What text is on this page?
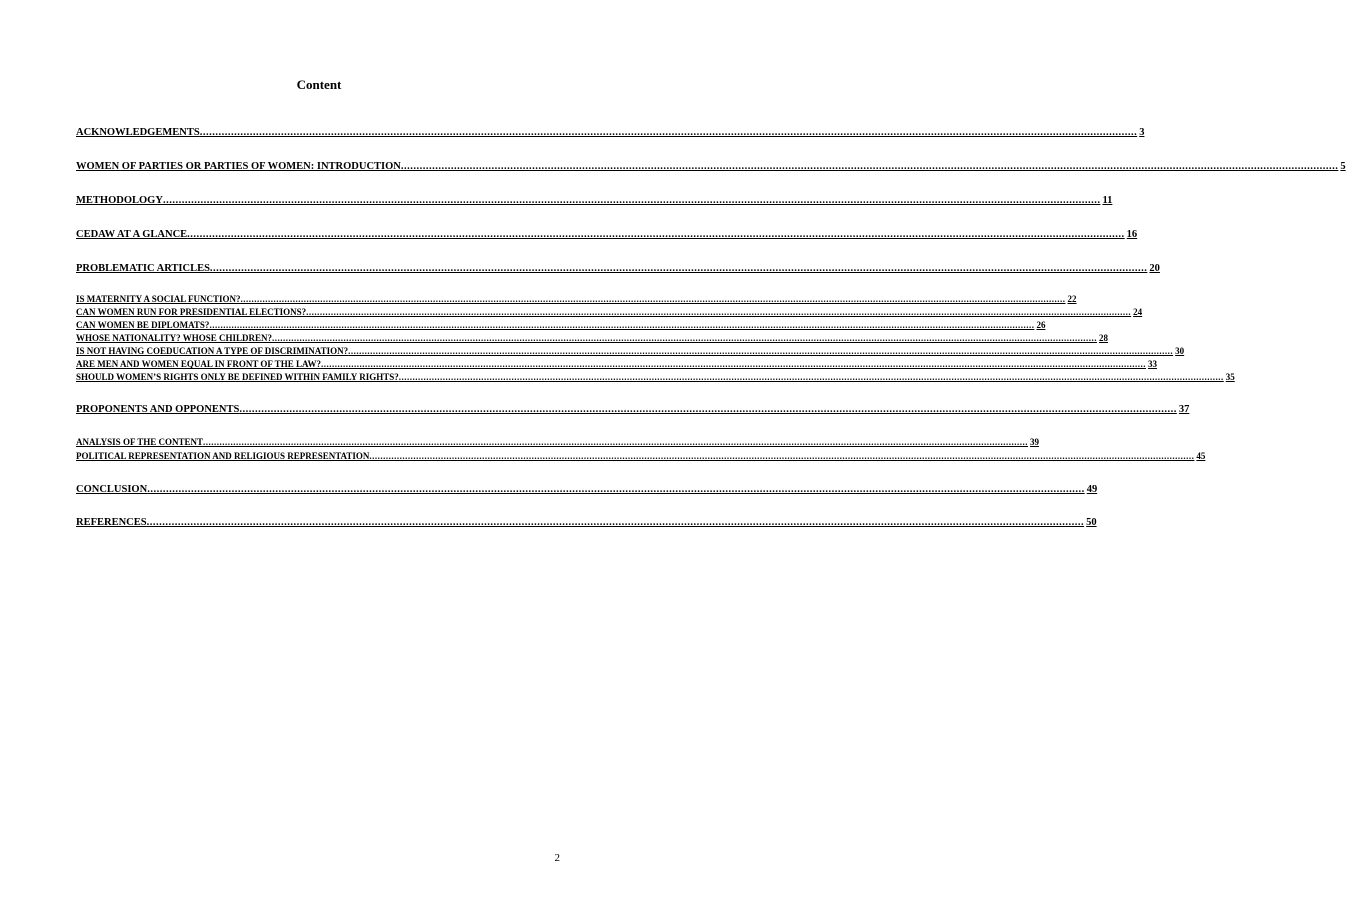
Content
ACKNOWLEDGEMENTS ............................................................................................................................................................................................................................................................................................................ 3
WOMEN OF PARTIES OR PARTIES OF WOMEN: INTRODUCTION ............................................................................................................................................................................................................................................................................................................ 5
METHODOLOGY ............................................................................................................................................................................................................................................................................................................ 11
CEDAW AT A GLANCE ............................................................................................................................................................................................................................................................................................................ 16
PROBLEMATIC ARTICLES ............................................................................................................................................................................................................................................................................................................ 20
IS MATERNITY A SOCIAL FUNCTION? ............................................................................................................................................................................................................................................................................................................ 22
CAN WOMEN RUN FOR PRESIDENTIAL ELECTIONS? ............................................................................................................................................................................................................................................................................................................ 24
CAN WOMEN BE DIPLOMATS? ............................................................................................................................................................................................................................................................................................................ 26
WHOSE NATIONALITY? WHOSE CHILDREN? ............................................................................................................................................................................................................................................................................................................ 28
IS NOT HAVING COEDUCATION A TYPE OF DISCRIMINATION? ............................................................................................................................................................................................................................................................................................................ 30
ARE MEN AND WOMEN EQUAL IN FRONT OF THE LAW? ............................................................................................................................................................................................................................................................................................................ 33
SHOULD WOMEN’S RIGHTS ONLY BE DEFINED WITHIN FAMILY RIGHTS? ............................................................................................................................................................................................................................................................................................................ 35
PROPONENTS AND OPPONENTS ............................................................................................................................................................................................................................................................................................................ 37
ANALYSIS OF THE CONTENT ............................................................................................................................................................................................................................................................................................................ 39
POLITICAL REPRESENTATION AND RELIGIOUS REPRESENTATION ............................................................................................................................................................................................................................................................................................................ 45
CONCLUSION ............................................................................................................................................................................................................................................................................................................ 49
REFERENCES ............................................................................................................................................................................................................................................................................................................ 50
2
